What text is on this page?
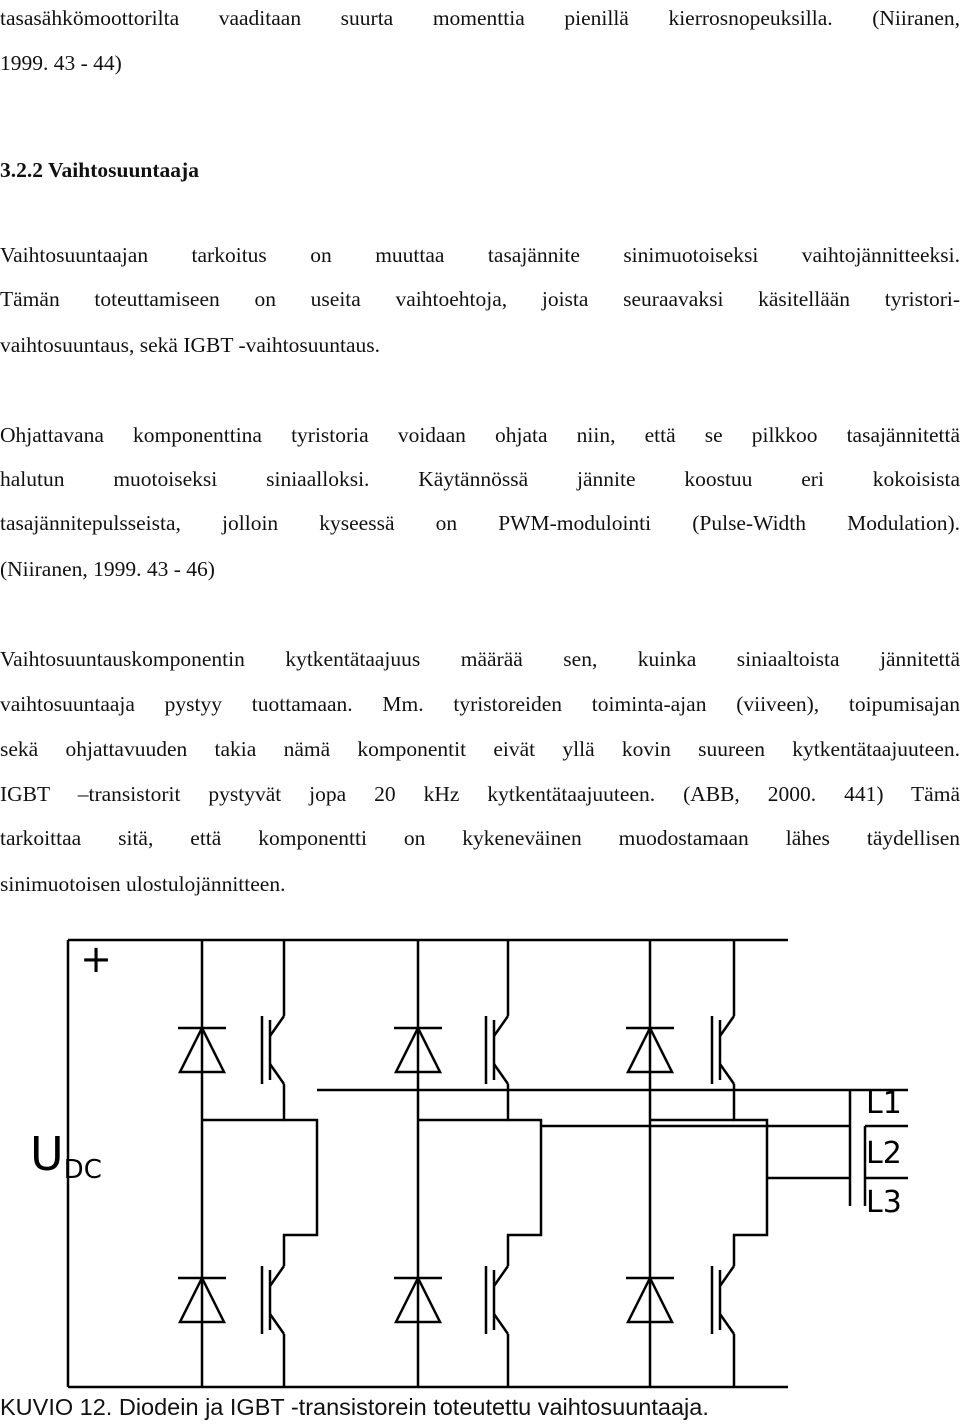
tasasähkömoottorilta vaaditaan suurta momenttia pienillä kierrosnopeuksilla. (Niiranen,

1999. 43 - 44)

3.2.2 Vaihtosuuntaaja

Vaihtosuuntaajan tarkoitus on muuttaa tasajännite sinimuotoiseksi vaihtojännitteeksi.

Tämän toteuttamiseen on useita vaihtoehtoja, joista seuraavaksi käsitellään tyristori-

vaihtosuuntaus, sekä IGBT -vaihtosuuntaus.

Ohjattavana komponenttina tyristoria voidaan ohjata niin, että se pilkkoo tasajännitettä

halutun muotoiseksi siniaalloksi. Käytännössä jännite koostuu eri kokoisista

tasajännitepulsseista, jolloin kyseessä on PWM-modulointi (Pulse-Width Modulation).

(Niiranen, 1999. 43 - 46)

Vaihtosuuntauskomponentin kytkentätaajuus määrää sen, kuinka siniaaltoista jännitettä

vaihtosuuntaaja pystyy tuottamaan. Mm. tyristoreiden toiminta-ajan (viiveen), toipumisajan

sekä ohjattavuuden takia nämä komponentit eivät yllä kovin suureen kytkentätaajuuteen.

IGBT –transistorit pystyvät jopa 20 kHz kytkentätaajuuteen. (ABB, 2000. 441) Tämä

tarkoittaa sitä, että komponentti on kykeneväinen muodostamaan lähes täydellisen

sinimuotoisen ulostulojännitteen.

+
UDC
L1
L2
L3

KUVIO 12. Diodein ja IGBT -transistorein toteutettu vaihtosuuntaaja.
